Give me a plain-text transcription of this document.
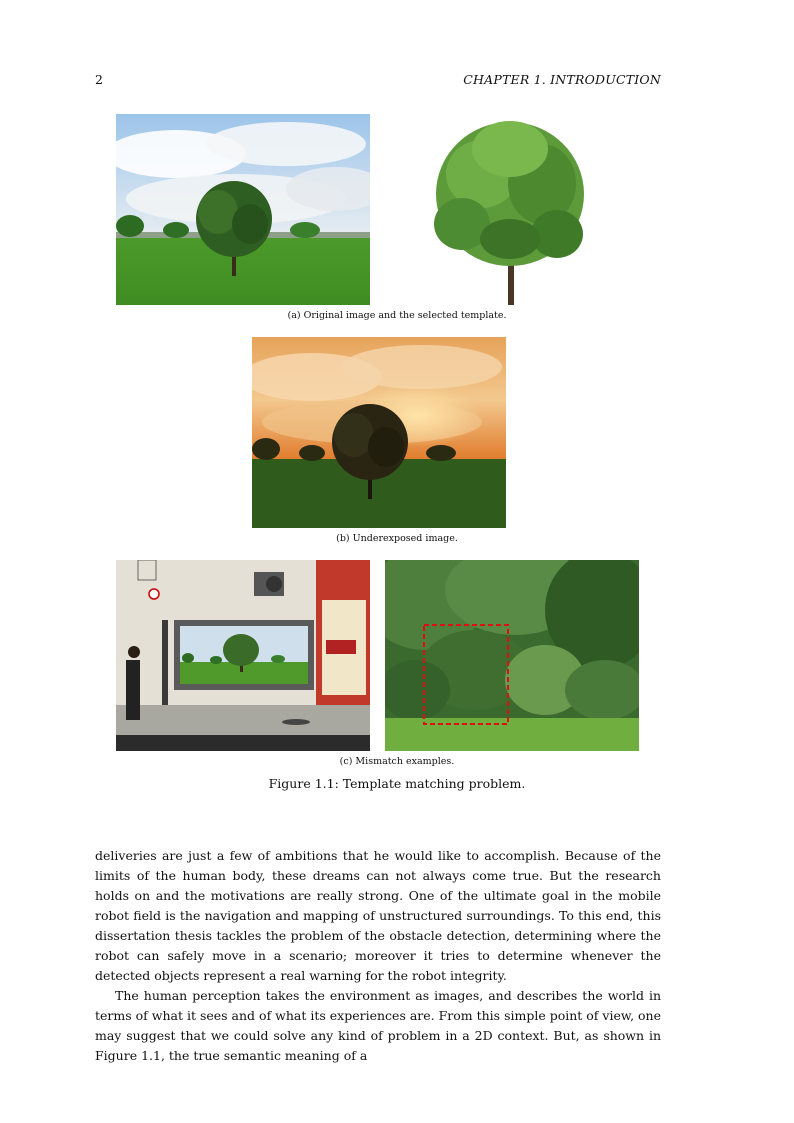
2	CHAPTER 1. INTRODUCTION
(a) Original image and the selected template.
(b) Underexposed image.
(c) Mismatch examples.
Figure 1.1: Template matching problem.

deliveries are just a few of ambitions that he would like to accomplish. Because of the limits of the human body, these dreams can not always come true. But the research holds on and the motivations are really strong. One of the ultimate goal in the mobile robot field is the navigation and mapping of unstructured surroundings. To this end, this dissertation thesis tackles the problem of the obstacle detection, determining where the robot can safely move in a scenario; moreover it tries to determine whenever the detected objects represent a real warning for the robot integrity.

The human perception takes the environment as images, and describes the world in terms of what it sees and of what its experiences are. From this simple point of view, one may suggest that we could solve any kind of problem in a 2D context. But, as shown in Figure 1.1, the true semantic meaning of a
